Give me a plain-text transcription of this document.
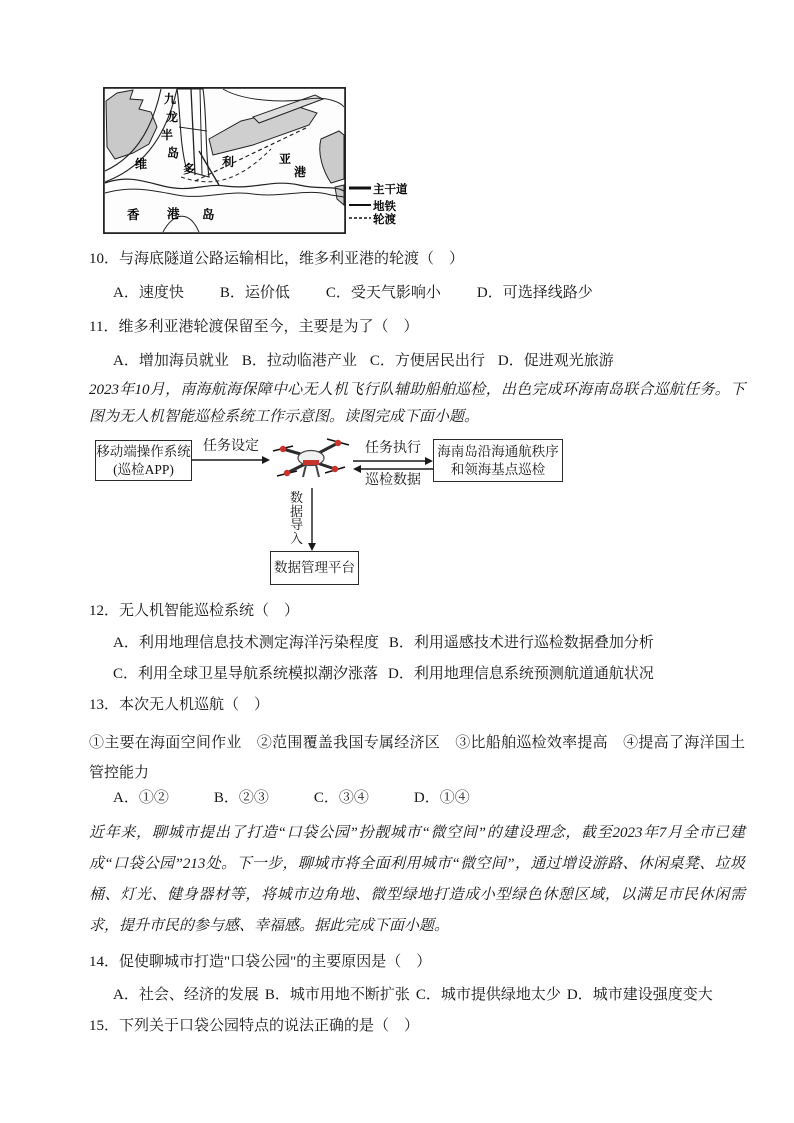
九
龙
半
岛
维	多 利	亚
港
香 港 岛
主干道
地铁
轮渡
10．与海底隧道公路运输相比，维多利亚港的轮渡（　）
A．速度快 B．运价低 C．受天气影响小 D．可选择线路少
11．维多利亚港轮渡保留至今，主要是为了（　）
A．增加海员就业 B．拉动临港产业 C．方便居民出行 D．促进观光旅游
2023年10月，南海航海保障中心无人机飞行队辅助船舶巡检，出色完成环海南岛联合巡航任务。下图为无人机智能巡检系统工作示意图。读图完成下面小题。
移动端操作系统
(巡检APP)
海南岛沿海通航秩序
和领海基点巡检
数据管理平台
任务设定	任务执行
巡检数据
数据导入
12．无人机智能巡检系统（　）
A．利用地理信息技术测定海洋污染程度 B．利用遥感技术进行巡检数据叠加分析
C．利用全球卫星导航系统模拟潮汐涨落 D．利用地理信息系统预测航道通航状况
13．本次无人机巡航（　）
①主要在海面空间作业　②范围覆盖我国专属经济区　③比船舶巡检效率提高　④提高了海洋国土管控能力
A．①②	B．②③	C．③④	D．①④
近年来，聊城市提出了打造“口袋公园”扮靓城市“微空间”的建设理念，截至2023年7月全市已建成“口袋公园”213处。下一步，聊城市将全面利用城市“微空间”，通过增设游路、休闲桌凳、垃圾桶、灯光、健身器材等，将城市边角地、微型绿地打造成小型绿色休憩区域，以满足市民休闲需求，提升市民的参与感、幸福感。据此完成下面小题。
14．促使聊城市打造"口袋公园"的主要原因是（　）
A．社会、经济的发展 B．城市用地不断扩张 C．城市提供绿地太少 D．城市建设强度变大
15．下列关于口袋公园特点的说法正确的是（　）
